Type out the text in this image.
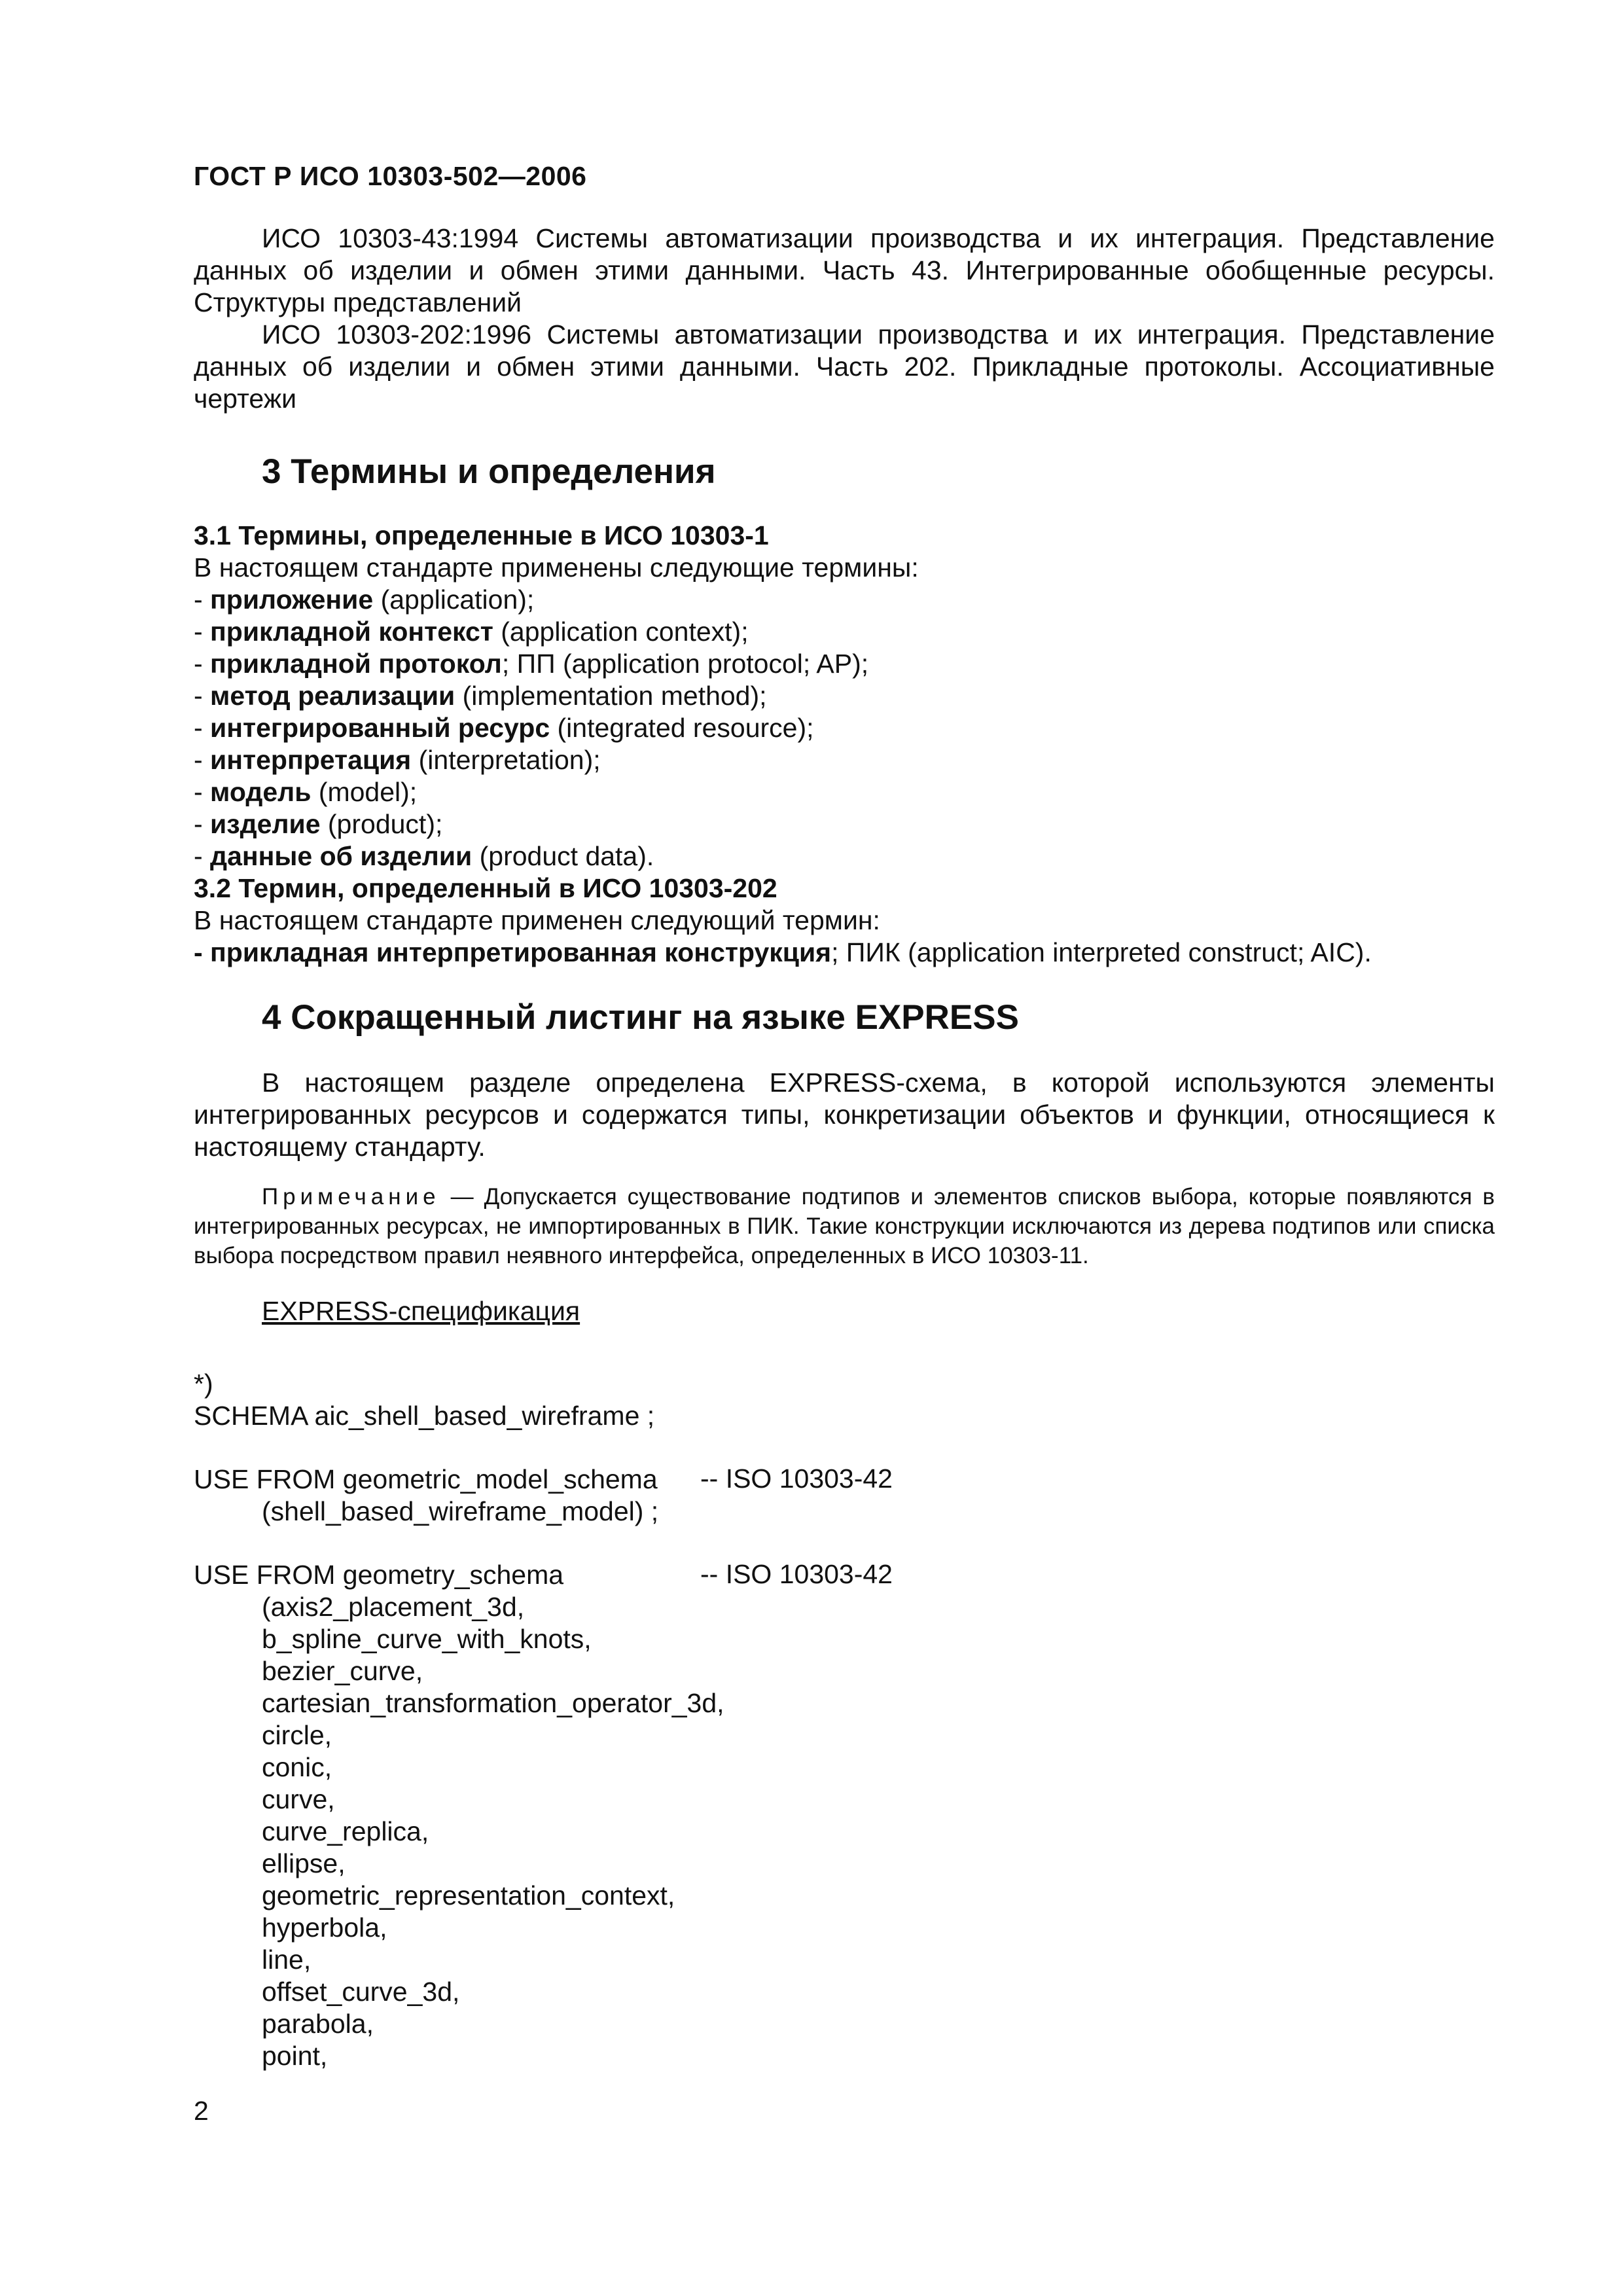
ГОСТ Р ИСО 10303-502—2006

ИСО 10303-43:1994 Системы автоматизации производства и их интеграция. Представление данных об изделии и обмен этими данными. Часть 43. Интегрированные обобщенные ресурсы. Структуры представлений

ИСО 10303-202:1996 Системы автоматизации производства и их интеграция. Представление данных об изделии и обмен этими данными. Часть 202. Прикладные протоколы. Ассоциативные чертежи

3 Термины и определения

3.1 Термины, определенные в ИСО 10303-1

В настоящем стандарте применены следующие термины:

- приложение (application);

- прикладной контекст (application context);

- прикладной протокол; ПП (application protocol; AP);

- метод реализации (implementation method);

- интегрированный ресурс (integrated resource);

- интерпретация (interpretation);

- модель (model);

- изделие (product);

- данные об изделии (product data).

3.2 Термин, определенный в ИСО 10303-202

В настоящем стандарте применен следующий термин:

- прикладная интерпретированная конструкция; ПИК (application interpreted construct; AIC).

4 Сокращенный листинг на языке EXPRESS

В настоящем разделе определена EXPRESS-схема, в которой используются элементы интегрированных ресурсов и содержатся типы, конкретизации объектов и функции, относящиеся к настоящему стандарту.

Примечание — Допускается существование подтипов и элементов списков выбора, которые появляются в интегрированных ресурсах, не импортированных в ПИК. Такие конструкции исключаются из дерева подтипов или списка выбора посредством правил неявного интерфейса, определенных в ИСО 10303-11.

EXPRESS-спецификация

*)

SCHEMA aic_shell_based_wireframe ;

USE FROM geometric_model_schema

(shell_based_wireframe_model) ;

-- ISO 10303-42

USE FROM geometry_schema

(axis2_placement_3d,

b_spline_curve_with_knots,

bezier_curve,

cartesian_transformation_operator_3d,

circle,

conic,

curve,

curve_replica,

ellipse,

geometric_representation_context,

hyperbola,

line,

offset_curve_3d,

parabola,

point,

-- ISO 10303-42
2
